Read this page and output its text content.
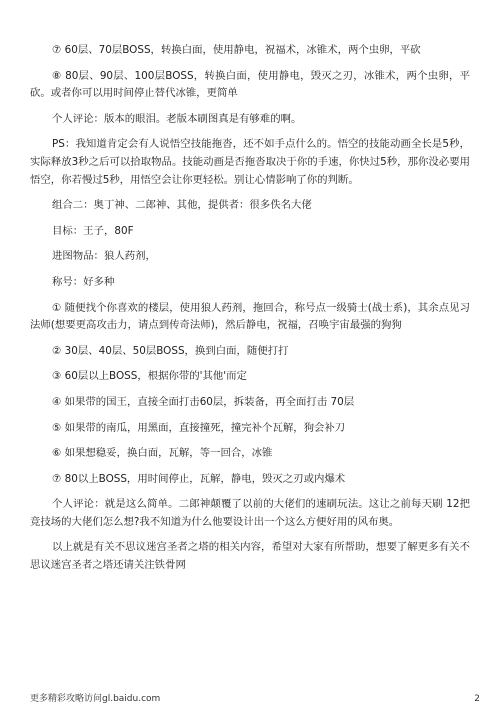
⑦ 60层、70层BOSS，转换白面，使用静电，祝福术，冰锥术，两个虫卵，平砍

⑧ 80层、90层、100层BOSS，转换白面，使用静电，毁灭之刃，冰锥术，两个虫卵，平砍。或者你可以用时间停止替代冰锥，更简单

个人评论：版本的眼泪。老版本刷图真是有够难的啊。

PS：我知道肯定会有人说悟空技能拖沓，还不如手点什么的。悟空的技能动画全长是5秒，实际释放3秒之后可以拾取物品。技能动画是否拖沓取决于你的手速，你快过5秒，那你没必要用悟空，你若慢过5秒，用悟空会让你更轻松。别让心情影响了你的判断。

组合二：奥丁神、二郎神、其他，提供者：很多佚名大佬

目标：王子，80F

进图物品：狼人药剂，

称号：好多种

① 随便找个你喜欢的楼层，使用狼人药剂，拖回合，称号点一级骑士(战士系)，其余点见习法师(想要更高攻击力，请点到传奇法师)，然后静电，祝福，召唤宇宙最强的狗狗

② 30层、40层、50层BOSS，换到白面，随便打打

③ 60层以上BOSS，根据你带的'其他'而定

④ 如果带的国王，直接全面打击60层，拆装备，再全面打击 70层

⑤ 如果带的南瓜，用黑面，直接撞死，撞完补个瓦解，狗会补刀

⑥ 如果想稳妥，换白面，瓦解，等一回合，冰锥

⑦ 80以上BOSS，用时间停止，瓦解，静电，毁灭之刃或内爆术

个人评论：就是这么简单。二郎神颠覆了以前的大佬们的速刷玩法。这让之前每天刷 12把竞技场的大佬们怎么想?我不知道为什么他要设计出一个这么方便好用的风布奥。

以上就是有关不思议迷宫圣者之塔的相关内容，希望对大家有所帮助，想要了解更多有关不思议迷宫圣者之塔还请关注铁骨网

更多精彩攻略访问gl.baidu.com	2
